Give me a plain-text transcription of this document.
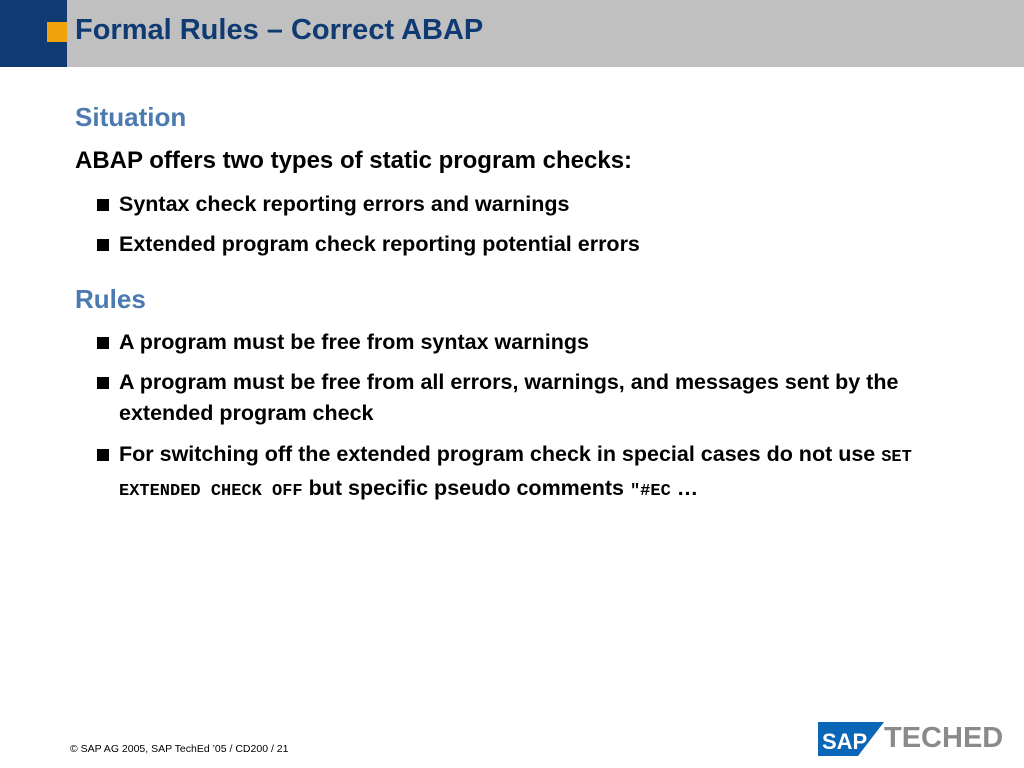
Formal Rules – Correct ABAP
Situation
ABAP offers two types of static program checks:
Syntax check reporting errors and warnings
Extended program check reporting potential errors
Rules
A program must be free from syntax warnings
A program must be free from all errors, warnings, and messages sent by the extended program check
For switching off the extended program check in special cases do not use SET EXTENDED CHECK OFF but specific pseudo comments "#EC …
© SAP AG 2005, SAP TechEd ’05 / CD200 / 21	SAP TECHED
